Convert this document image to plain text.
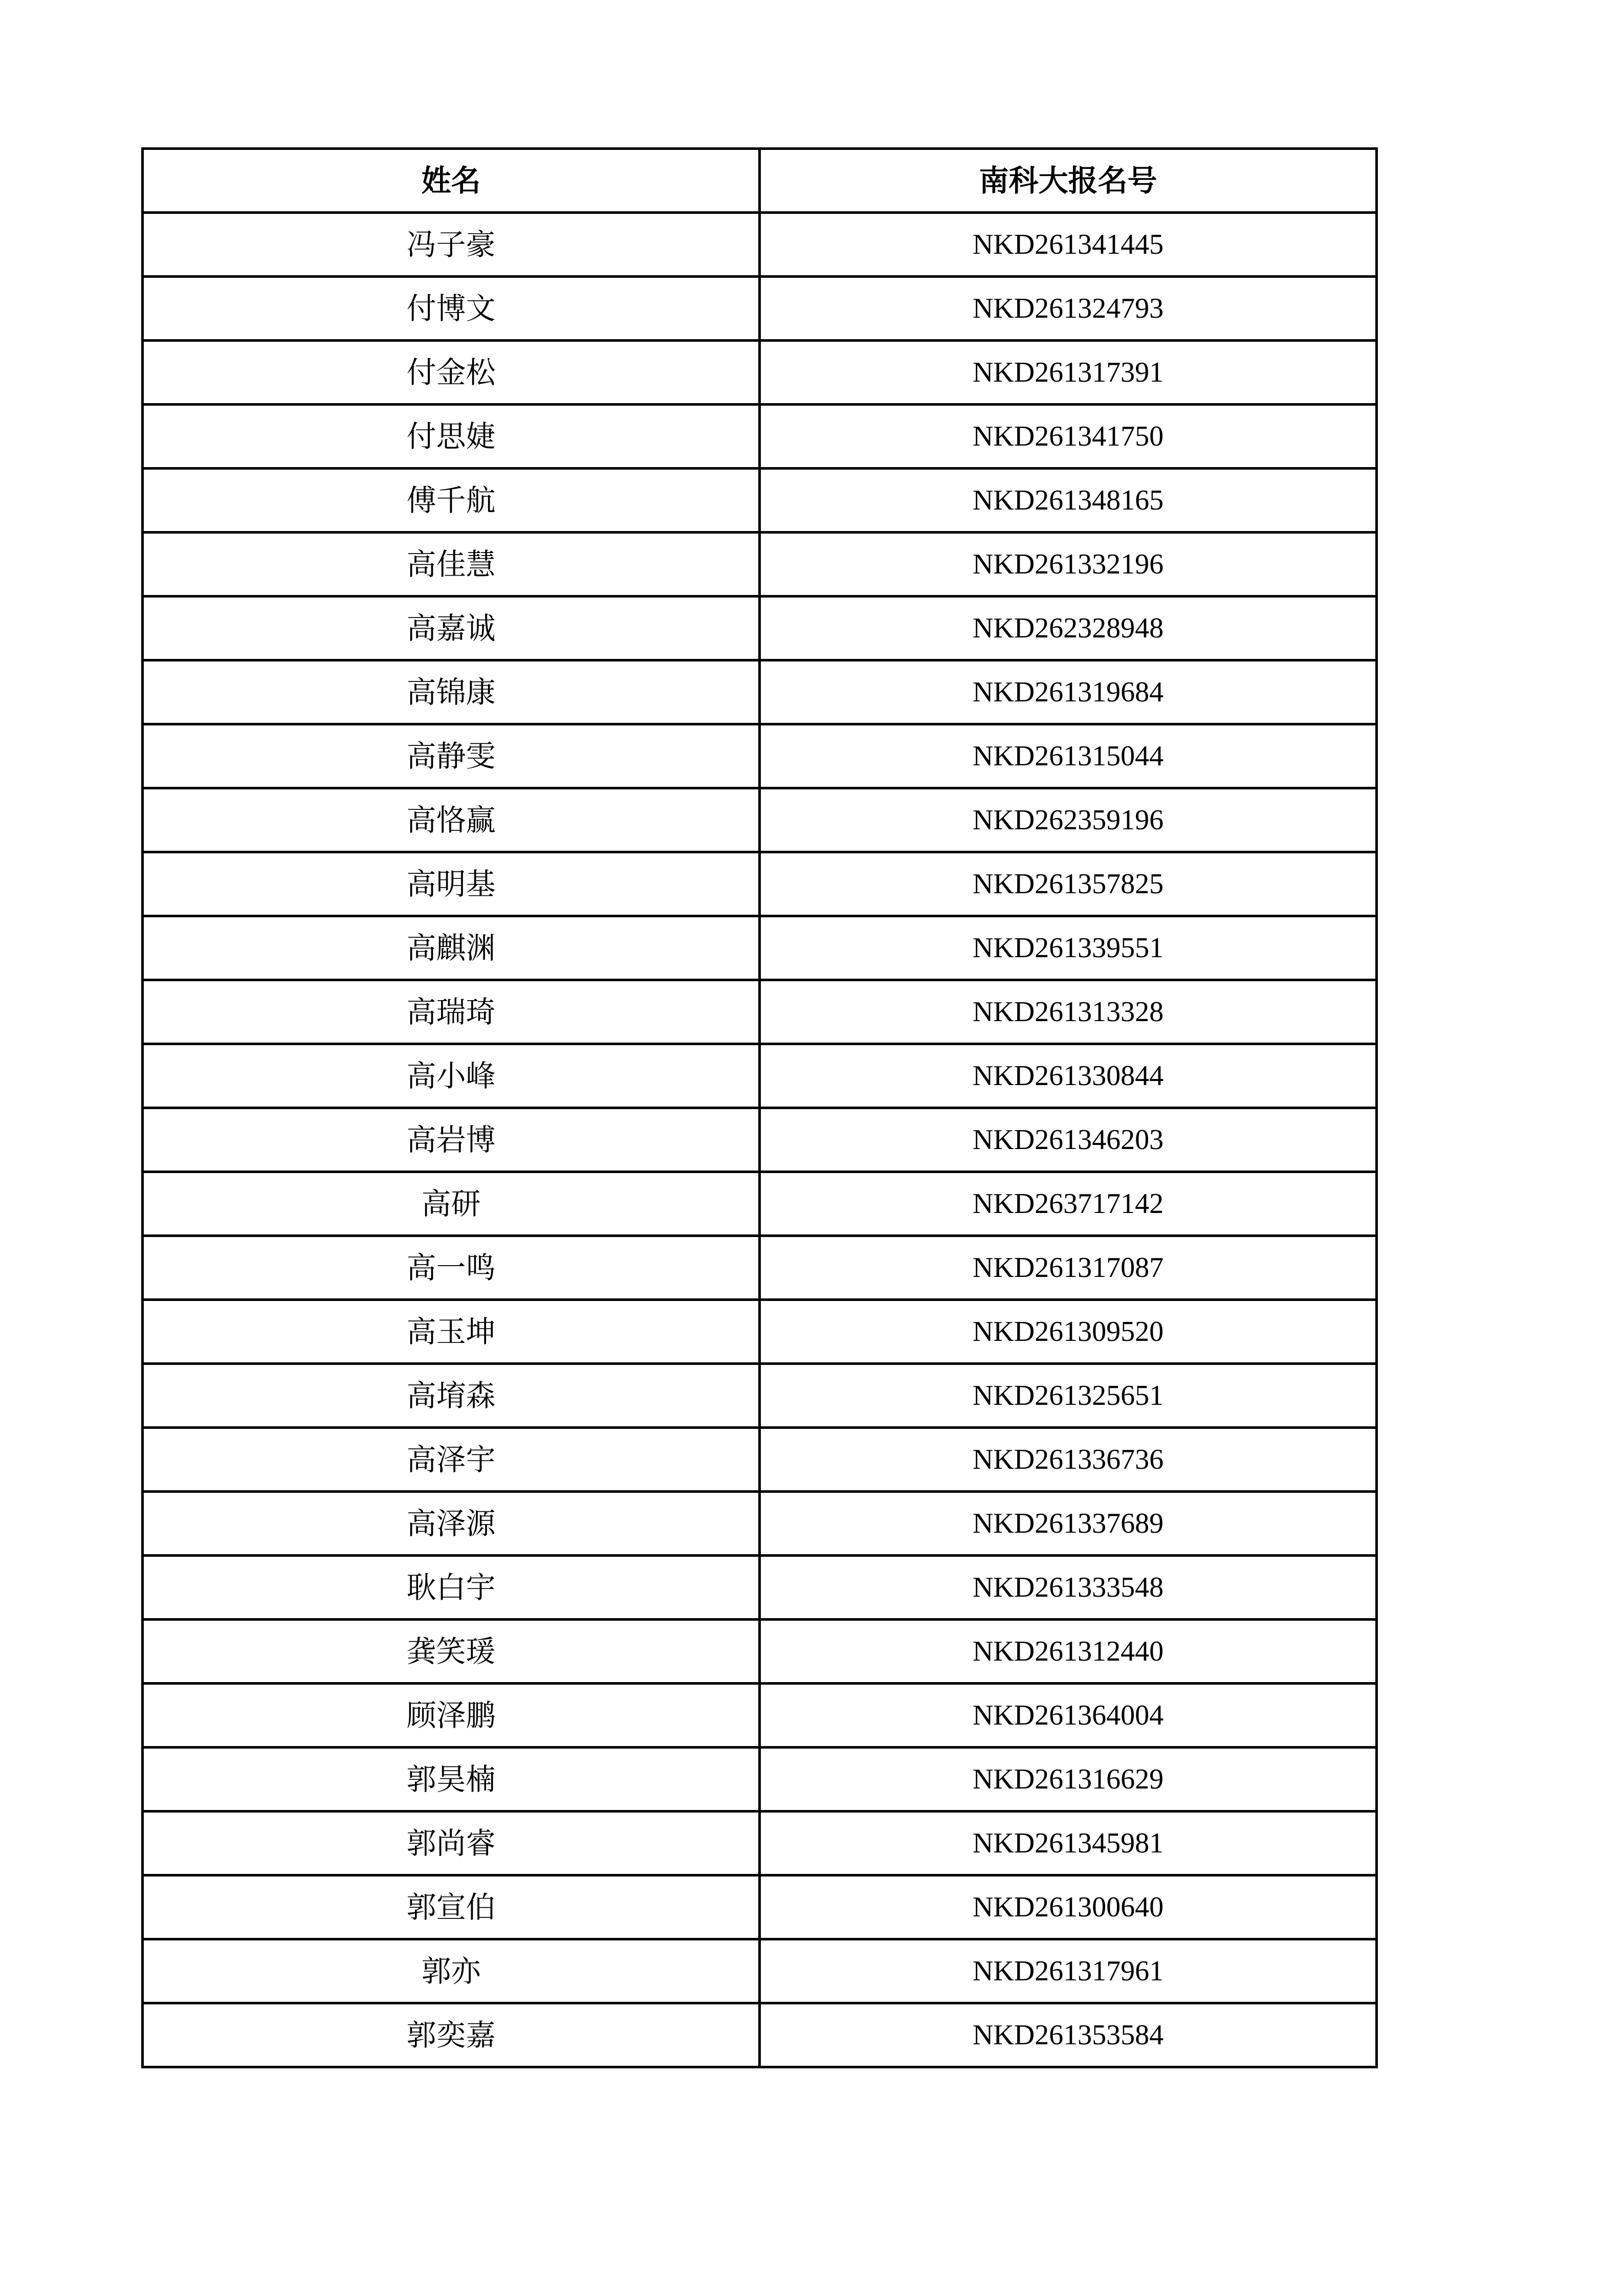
姓名	南科大报名号
冯子豪	NKD261341445
付博文	NKD261324793
付金松	NKD261317391
付思婕	NKD261341750
傅千航	NKD261348165
高佳慧	NKD261332196
高嘉诚	NKD262328948
高锦康	NKD261319684
高静雯	NKD261315044
高恪赢	NKD262359196
高明基	NKD261357825
高麒渊	NKD261339551
高瑞琦	NKD261313328
高小峰	NKD261330844
高岩博	NKD261346203
高研	NKD263717142
高一鸣	NKD261317087
高玉坤	NKD261309520
高堉森	NKD261325651
高泽宇	NKD261336736
高泽源	NKD261337689
耿白宇	NKD261333548
龚笑瑗	NKD261312440
顾泽鹏	NKD261364004
郭昊楠	NKD261316629
郭尚睿	NKD261345981
郭宣伯	NKD261300640
郭亦	NKD261317961
郭奕嘉	NKD261353584
